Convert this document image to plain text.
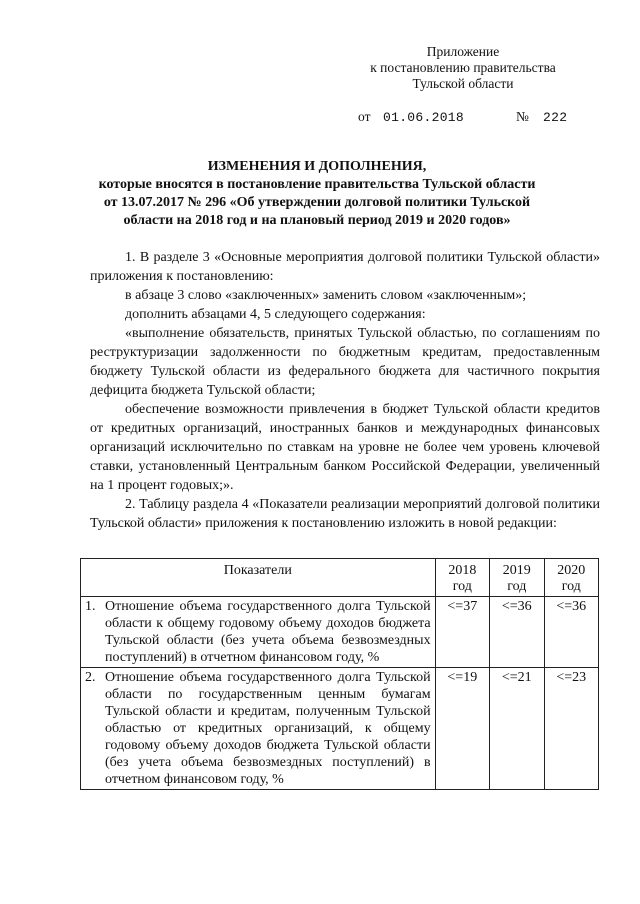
Приложение
к постановлению правительства
Тульской области
от 01.06.2018	№ 222
ИЗМЕНЕНИЯ И ДОПОЛНЕНИЯ,
которые вносятся в постановление правительства Тульской области
от 13.07.2017 № 296 «Об утверждении долговой политики Тульской
области на 2018 год и на плановый период 2019 и 2020 годов»

1. В разделе 3 «Основные мероприятия долговой политики Тульской области» приложения к постановлению:

в абзаце 3 слово «заключенных» заменить словом «заключенным»;

дополнить абзацами 4, 5 следующего содержания:

«выполнение обязательств, принятых Тульской областью, по соглашениям по реструктуризации задолженности по бюджетным кредитам, предоставленным бюджету Тульской области из федерального бюджета для частичного покрытия дефицита бюджета Тульской области;

обеспечение возможности привлечения в бюджет Тульской области кредитов от кредитных организаций, иностранных банков и международных финансовых организаций исключительно по ставкам на уровне не более чем уровень ключевой ставки, установленный Центральным банком Российской Федерации, увеличенный на 1 процент годовых;».

2. Таблицу раздела 4 «Показатели реализации мероприятий долговой политики Тульской области» приложения к постановлению изложить в новой редакции:

Показатели	2018 год	2019 год	2020 год

1. Отношение объема государственного долга Тульской области к общему годовому объему доходов бюджета Тульской области (без учета объема безвозмездных поступлений) в отчетном финансовом году, %	<=37	<=36	<=36

2. Отношение объема государственного долга Тульской области по государственным ценным бумагам Тульской области и кредитам, полученным Тульской областью от кредитных организаций, к общему годовому объему доходов бюджета Тульской области (без учета объема безвозмездных поступлений) в отчетном финансовом году, %	<=19	<=21	<=23
